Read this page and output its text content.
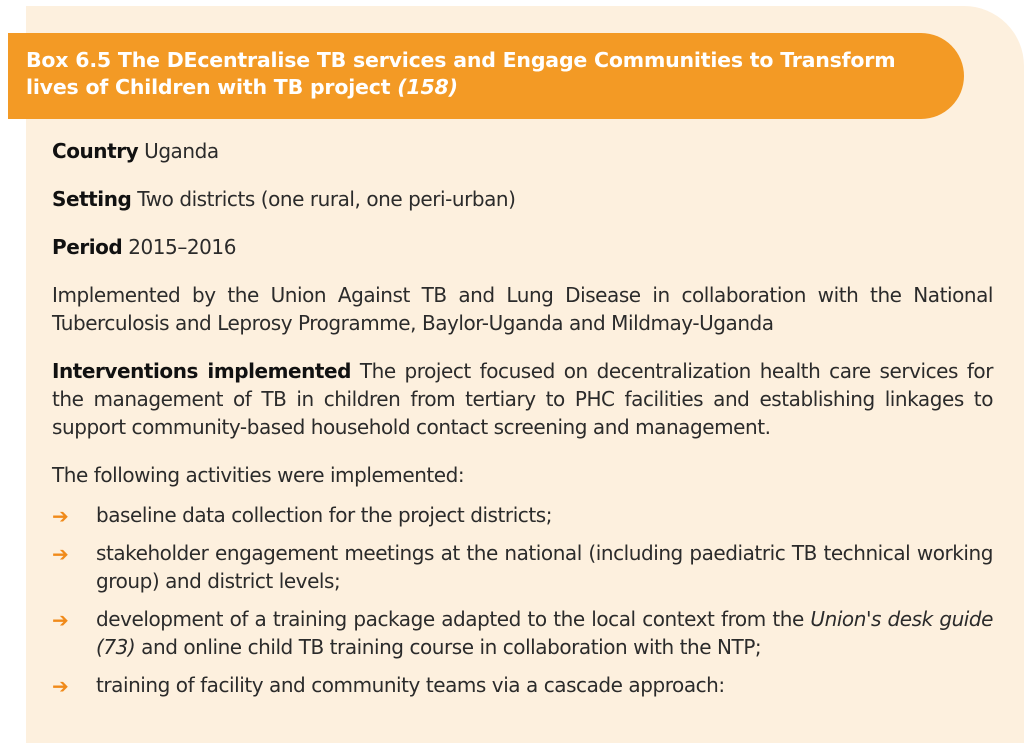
Box 6.5 The DEcentralise TB services and Engage Communities to Transform lives of Children with TB project (158)

Country Uganda

Setting Two districts (one rural, one peri-urban)

Period 2015–2016

Implemented by the Union Against TB and Lung Disease in collaboration with the National Tuberculosis and Leprosy Programme, Baylor-Uganda and Mildmay-Uganda

Interventions implemented The project focused on decentralization health care services for the management of TB in children from tertiary to PHC facilities and establishing linkages to support community-based household contact screening and management.

The following activities were implemented:

➔ baseline data collection for the project districts;
➔ stakeholder engagement meetings at the national (including paediatric TB technical working group) and district levels;
➔ development of a training package adapted to the local context from the Union's desk guide (73) and online child TB training course in collaboration with the NTP;
➔ training of facility and community teams via a cascade approach:
